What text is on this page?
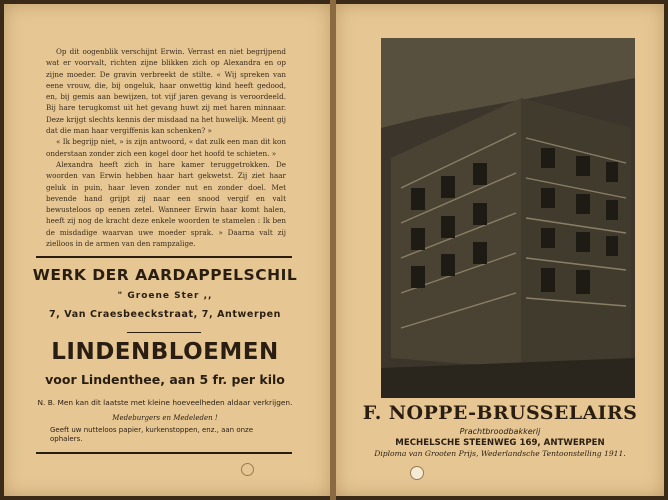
Op dit oogenblik verschijnt Erwin. Verrast en niet begrijpend wat er voorvalt, richten zijne blikken zich op Alexandra en op zijne moeder. De gravin verbreekt de stilte. « Wij spreken van eene vrouw, die, bij ongeluk, haar onwettig kind heeft gedood, en, bij gemis aan bewijzen, tot vijf jaren gevang is veroordeeld. Bij hare terugkomst uit het gevang huwt zij met haren minnaar. Deze krijgt slechts kennis der misdaad na het huwelijk. Meent gij dat die man haar vergiffenis kan schenken? »

« Ik begrijp niet, » is zijn antwoord, « dat zulk een man dit kon onderstaan zonder zich een kogel door het hoofd te schieten. »

Alexandra heeft zich in hare kamer teruggetrokken. De woorden van Erwin hebben haar hart gekwetst. Zij ziet haar geluk in puin, haar leven zonder nut en zonder doel. Met bevende hand grijpt zij naar een snood vergif en valt bewusteloos op eenen zetel. Wanneer Erwin haar komt halen, heeft zij nog de kracht deze enkele woorden te stamelen : Ik ben de misdadige waarvan uwe moeder sprak. » Daarna valt zij zielloos in de armen van den rampzalige.

WERK DER AARDAPPELSCHIL
" Groene Ster ,,
7, Van Craesbeeckstraat, 7, Antwerpen
LINDENBLOEMEN
voor Lindenthee, aan 5 fr. per kilo
N. B. Men kan dit laatste met kleine hoeveelheden aldaar verkrijgen.
Medeburgers en Medeleden !
Geeft uw nutteloos papier, kurkenstoppen, enz., aan onze ophalers.
F. NOPPE-BRUSSELAIRS
Prachtbroodbakkerij
MECHELSCHE STEENWEG 169, ANTWERPEN
Diploma van Grooten Prijs, Wederlandsche Tentoonstelling 1911.
